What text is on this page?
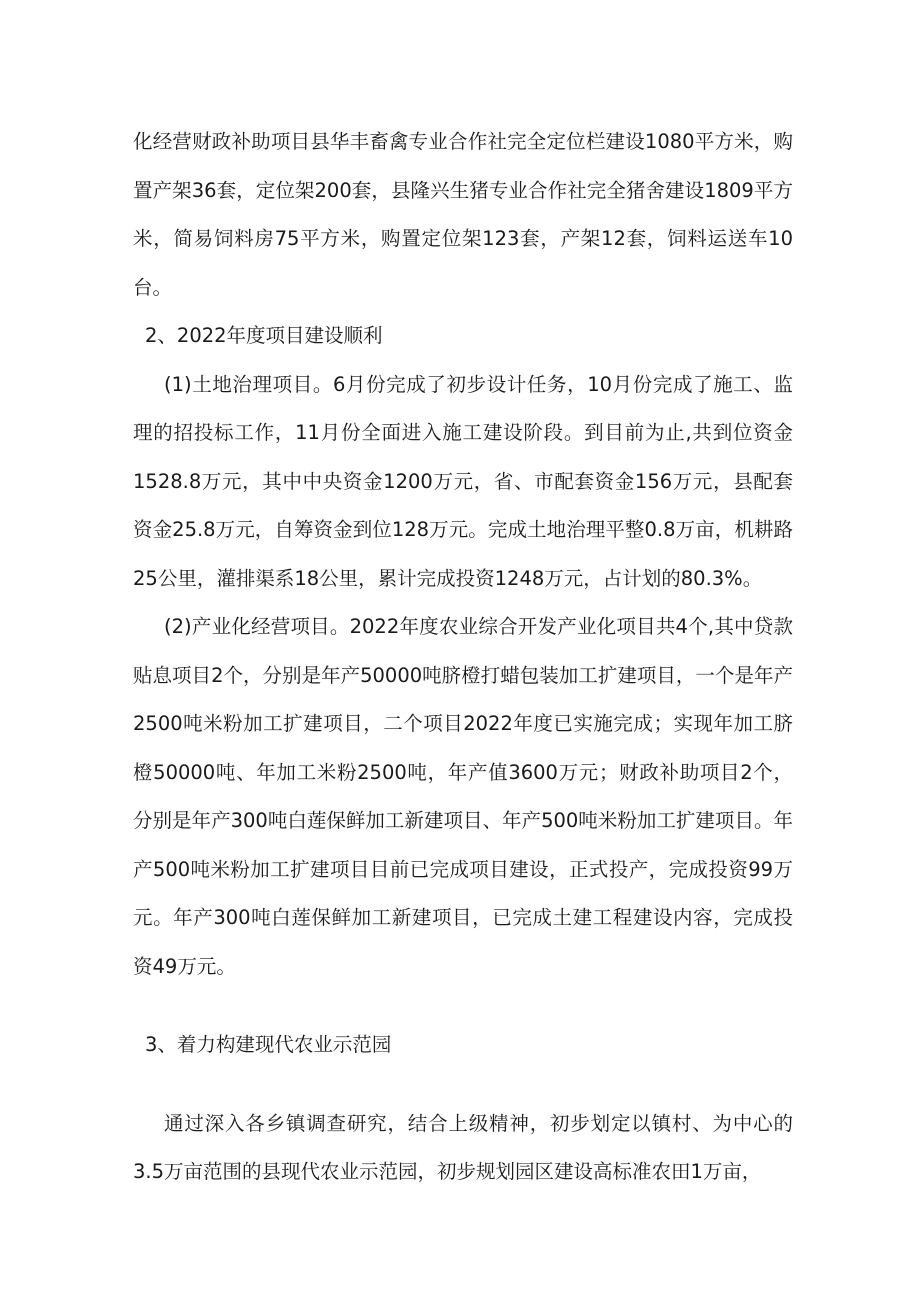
化经营财政补助项目县华丰畜禽专业合作社完全定位栏建设1080平方米，购置产架36套，定位架200套，县隆兴生猪专业合作社完全猪舍建设1809平方米，简易饲料房75平方米，购置定位架123套，产架12套，饲料运送车10台。

2、2022年度项目建设顺利

(1)土地治理项目。6月份完成了初步设计任务，10月份完成了施工、监理的招投标工作，11月份全面进入施工建设阶段。到目前为止,共到位资金1528.8万元，其中中央资金1200万元，省、市配套资金156万元，县配套资金25.8万元，自筹资金到位128万元。完成土地治理平整0.8万亩，机耕路25公里，灌排渠系18公里，累计完成投资1248万元，占计划的80.3%。

(2)产业化经营项目。2022年度农业综合开发产业化项目共4个,其中贷款贴息项目2个，分别是年产50000吨脐橙打蜡包装加工扩建项目，一个是年产2500吨米粉加工扩建项目，二个项目2022年度已实施完成；实现年加工脐橙50000吨、年加工米粉2500吨，年产值3600万元；财政补助项目2个，分别是年产300吨白莲保鲜加工新建项目、年产500吨米粉加工扩建项目。年产500吨米粉加工扩建项目目前已完成项目建设，正式投产，完成投资99万元。年产300吨白莲保鲜加工新建项目，已完成土建工程建设内容，完成投资49万元。

3、着力构建现代农业示范园

通过深入各乡镇调查研究，结合上级精神，初步划定以镇村、为中心的3.5万亩范围的县现代农业示范园，初步规划园区建设高标准农田1万亩，
